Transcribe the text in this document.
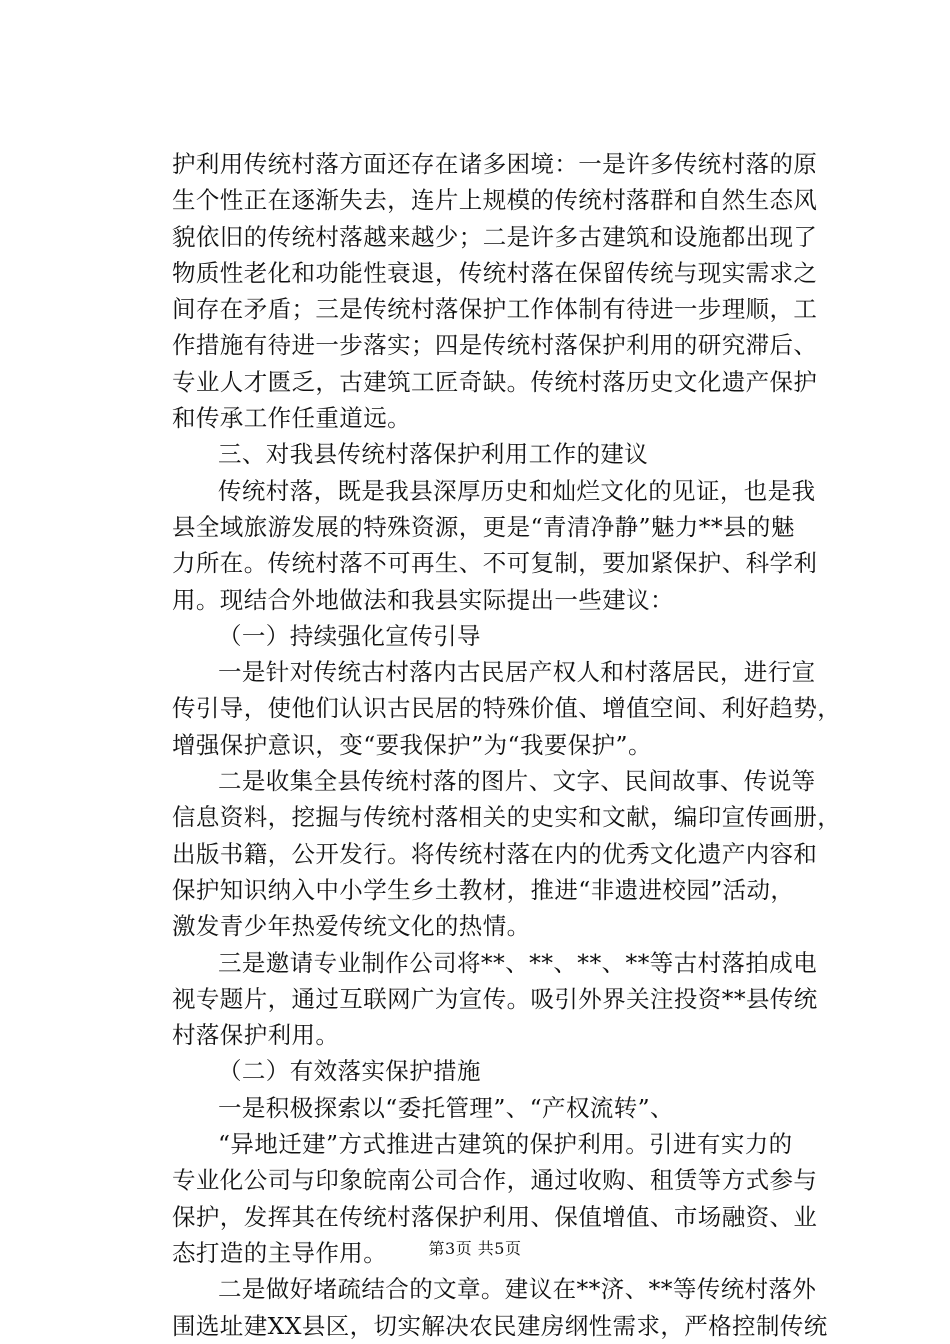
护利用传统村落方面还存在诸多困境：一是许多传统村落的原
生个性正在逐渐失去，连片上规模的传统村落群和自然生态风
貌依旧的传统村落越来越少；二是许多古建筑和设施都出现了
物质性老化和功能性衰退，传统村落在保留传统与现实需求之
间存在矛盾；三是传统村落保护工作体制有待进一步理顺，工
作措施有待进一步落实；四是传统村落保护利用的研究滞后、
专业人才匮乏，古建筑工匠奇缺。传统村落历史文化遗产保护
和传承工作任重道远。
三、对我县传统村落保护利用工作的建议
传统村落，既是我县深厚历史和灿烂文化的见证，也是我
县全域旅游发展的特殊资源，更是“青清净静”魅力**县的魅
力所在。传统村落不可再生、不可复制，要加紧保护、科学利
用。现结合外地做法和我县实际提出一些建议：
（一）持续强化宣传引导
一是针对传统古村落内古民居产权人和村落居民，进行宣
传引导，使他们认识古民居的特殊价值、增值空间、利好趋势，
增强保护意识，变“要我保护”为“我要保护”。
二是收集全县传统村落的图片、文字、民间故事、传说等
信息资料，挖掘与传统村落相关的史实和文献，编印宣传画册，
出版书籍，公开发行。将传统村落在内的优秀文化遗产内容和
保护知识纳入中小学生乡土教材，推进“非遗进校园”活动，
激发青少年热爱传统文化的热情。
三是邀请专业制作公司将**、**、**、**等古村落拍成电
视专题片，通过互联网广为宣传。吸引外界关注投资**县传统
村落保护利用。
（二）有效落实保护措施
一是积极探索以“委托管理”、“产权流转”、
“异地迁建”方式推进古建筑的保护利用。引进有实力的
专业化公司与印象皖南公司合作，通过收购、租赁等方式参与
保护，发挥其在传统村落保护利用、保值增值、市场融资、业
态打造的主导作用。
二是做好堵疏结合的文章。建议在**济、**等传统村落外
围选址建XX县区，切实解决农民建房纲性需求，严格控制传统
第3页 共5页
